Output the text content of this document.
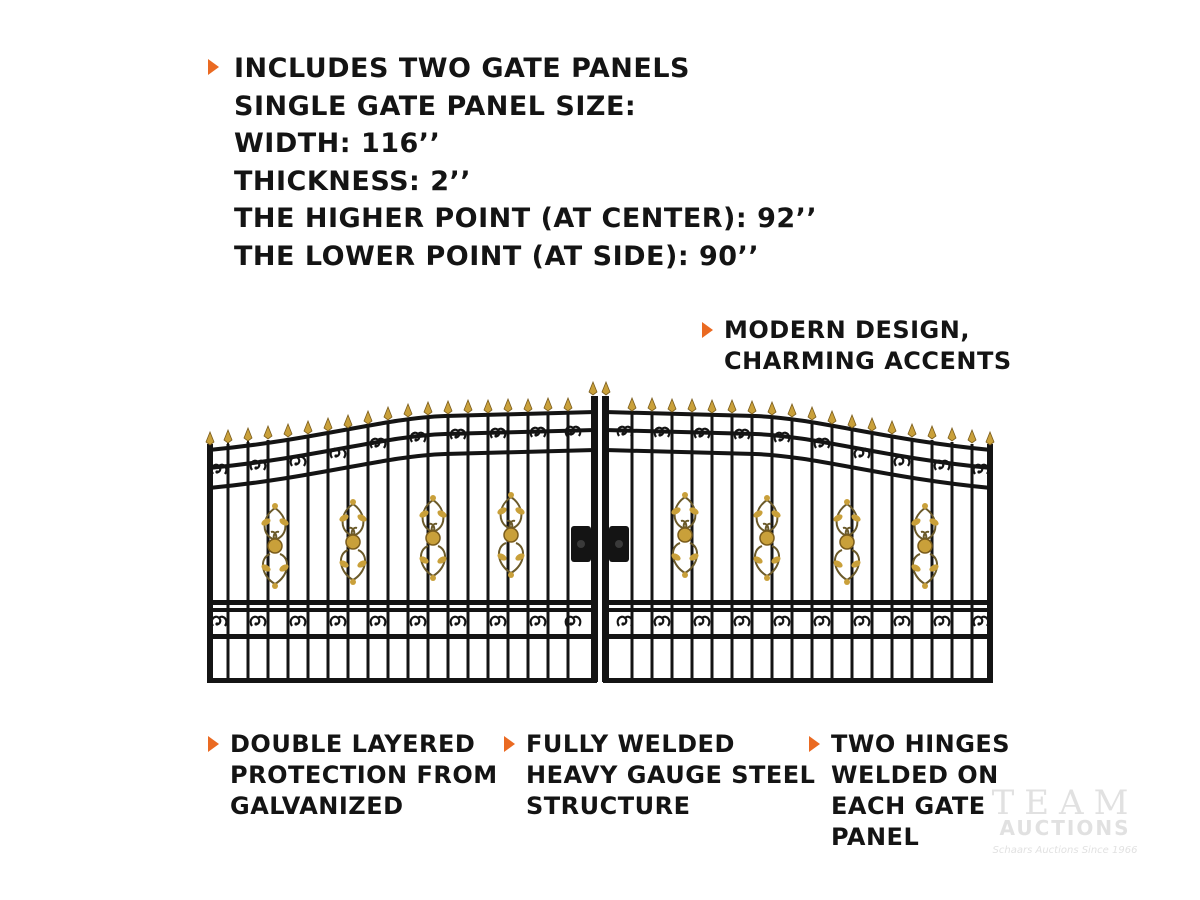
INCLUDES TWO GATE PANELS
SINGLE GATE PANEL SIZE:
WIDTH: 116’’
THICKNESS: 2’’
THE HIGHER POINT (AT CENTER): 92’’
THE LOWER POINT (AT SIDE): 90’’
MODERN DESIGN,
CHARMING ACCENTS
DOUBLE LAYERED
PROTECTION FROM
GALVANIZED
FULLY WELDED
HEAVY GAUGE STEEL
STRUCTURE
TWO HINGES
WELDED ON
EACH GATE
PANEL
TEAM
AUCTIONS
Schaars Auctions Since 1966
